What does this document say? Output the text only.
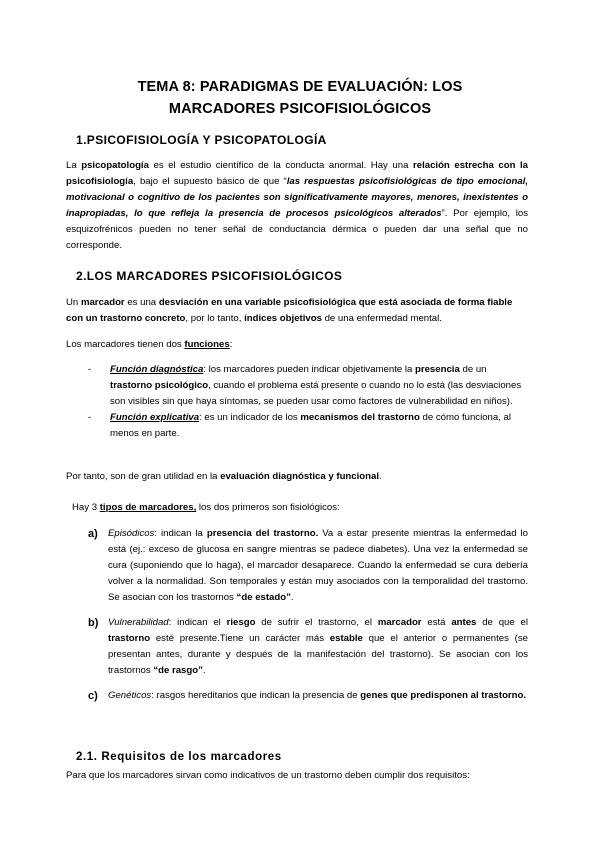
TEMA 8: PARADIGMAS DE EVALUACIÓN: LOS
MARCADORES PSICOFISIOLÓGICOS
1.PSICOFISIOLOGÍA Y PSICOPATOLOGÍA

La psicopatología es el estudio científico de la conducta anormal. Hay una relación estrecha con la psicofisiología, bajo el supuesto básico de que “las respuestas psicofisiológicas de tipo emocional, motivacional o cognitivo de los pacientes son significativamente mayores, menores, inexistentes o inapropiadas, lo que refleja la presencia de procesos psicológicos alterados”. Por ejemplo, los esquizofrénicos pueden no tener señal de conductancia dérmica o pueden dar una señal que no corresponde.

2.LOS MARCADORES PSICOFISIOLÓGICOS

Un marcador es una desviación en una variable psicofisiológica que está asociada de forma fiable con un trastorno concreto, por lo tanto, índices objetivos de una enfermedad mental.

Los marcadores tienen dos funciones:

- Función diagnóstica: los marcadores pueden indicar objetivamente la presencia de un trastorno psicológico, cuando el problema está presente o cuando no lo está (las desviaciones son visibles sin que haya síntomas, se pueden usar como factores de vulnerabilidad en niños).
- Función explicativa: es un indicador de los mecanismos del trastorno de cómo funciona, al menos en parte.

Por tanto, son de gran utilidad en la evaluación diagnóstica y funcional.

Hay 3 tipos de marcadores, los dos primeros son fisiológicos:

a) Episódicos: indican la presencia del trastorno. Va a estar presente mientras la enfermedad lo está (ej.: exceso de glucosa en sangre mientras se padece diabetes). Una vez la enfermedad se cura (suponiendo que lo haga), el marcador desaparece. Cuando la enfermedad se cura debería volver a la normalidad. Son temporales y están muy asociados con la temporalidad del trastorno. Se asocian con los trastornos “de estado”.
b) Vulnerabilidad: indican el riesgo de sufrir el trastorno, el marcador está antes de que el trastorno esté presente.Tiene un carácter más estable que el anterior o permanentes (se presentan antes, durante y después de la manifestación del trastorno). Se asocian con los trastornos “de rasgo”.
c) Genéticos: rasgos hereditarios que indican la presencia de genes que predisponen al trastorno.
2.1. Requisitos de los marcadores

Para que los marcadores sirvan como indicativos de un trastorno deben cumplir dos requisitos:
